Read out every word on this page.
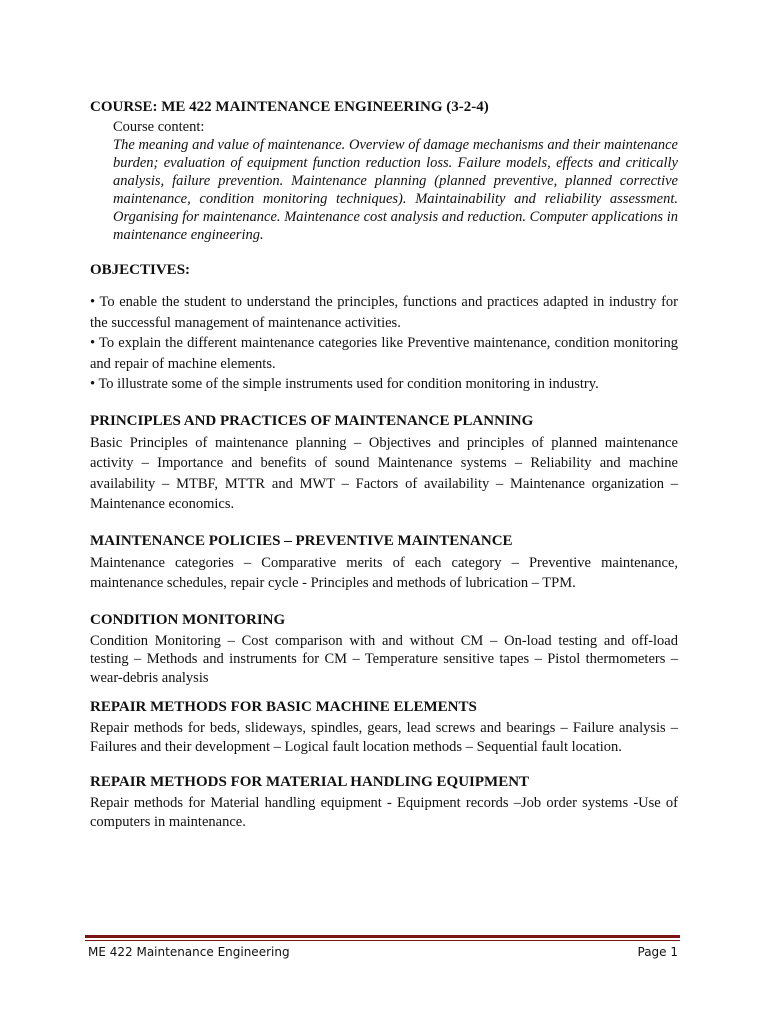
COURSE: ME 422 MAINTENANCE ENGINEERING (3-2-4)

Course content:

The meaning and value of maintenance. Overview of damage mechanisms and their maintenance burden; evaluation of equipment function reduction loss. Failure models, effects and critically analysis, failure prevention. Maintenance planning (planned preventive, planned corrective maintenance, condition monitoring techniques). Maintainability and reliability assessment. Organising for maintenance. Maintenance cost analysis and reduction. Computer applications in maintenance engineering.

OBJECTIVES:

• To enable the student to understand the principles, functions and practices adapted in industry for the successful management of maintenance activities.

• To explain the different maintenance categories like Preventive maintenance, condition monitoring and repair of machine elements.

• To illustrate some of the simple instruments used for condition monitoring in industry.

PRINCIPLES AND PRACTICES OF MAINTENANCE PLANNING

Basic Principles of maintenance planning – Objectives and principles of planned maintenance activity – Importance and benefits of sound Maintenance systems – Reliability and machine availability – MTBF, MTTR and MWT – Factors of availability – Maintenance organization – Maintenance economics.

MAINTENANCE POLICIES – PREVENTIVE MAINTENANCE

Maintenance categories – Comparative merits of each category – Preventive maintenance, maintenance schedules, repair cycle - Principles and methods of lubrication – TPM.

CONDITION MONITORING

Condition Monitoring – Cost comparison with and without CM – On-load testing and off-load testing – Methods and instruments for CM – Temperature sensitive tapes – Pistol thermometers – wear-debris analysis

REPAIR METHODS FOR BASIC MACHINE ELEMENTS

Repair methods for beds, slideways, spindles, gears, lead screws and bearings – Failure analysis – Failures and their development – Logical fault location methods – Sequential fault location.

REPAIR METHODS FOR MATERIAL HANDLING EQUIPMENT

Repair methods for Material handling equipment - Equipment records –Job order systems -Use of computers in maintenance.

ME 422 Maintenance Engineering	Page 1
